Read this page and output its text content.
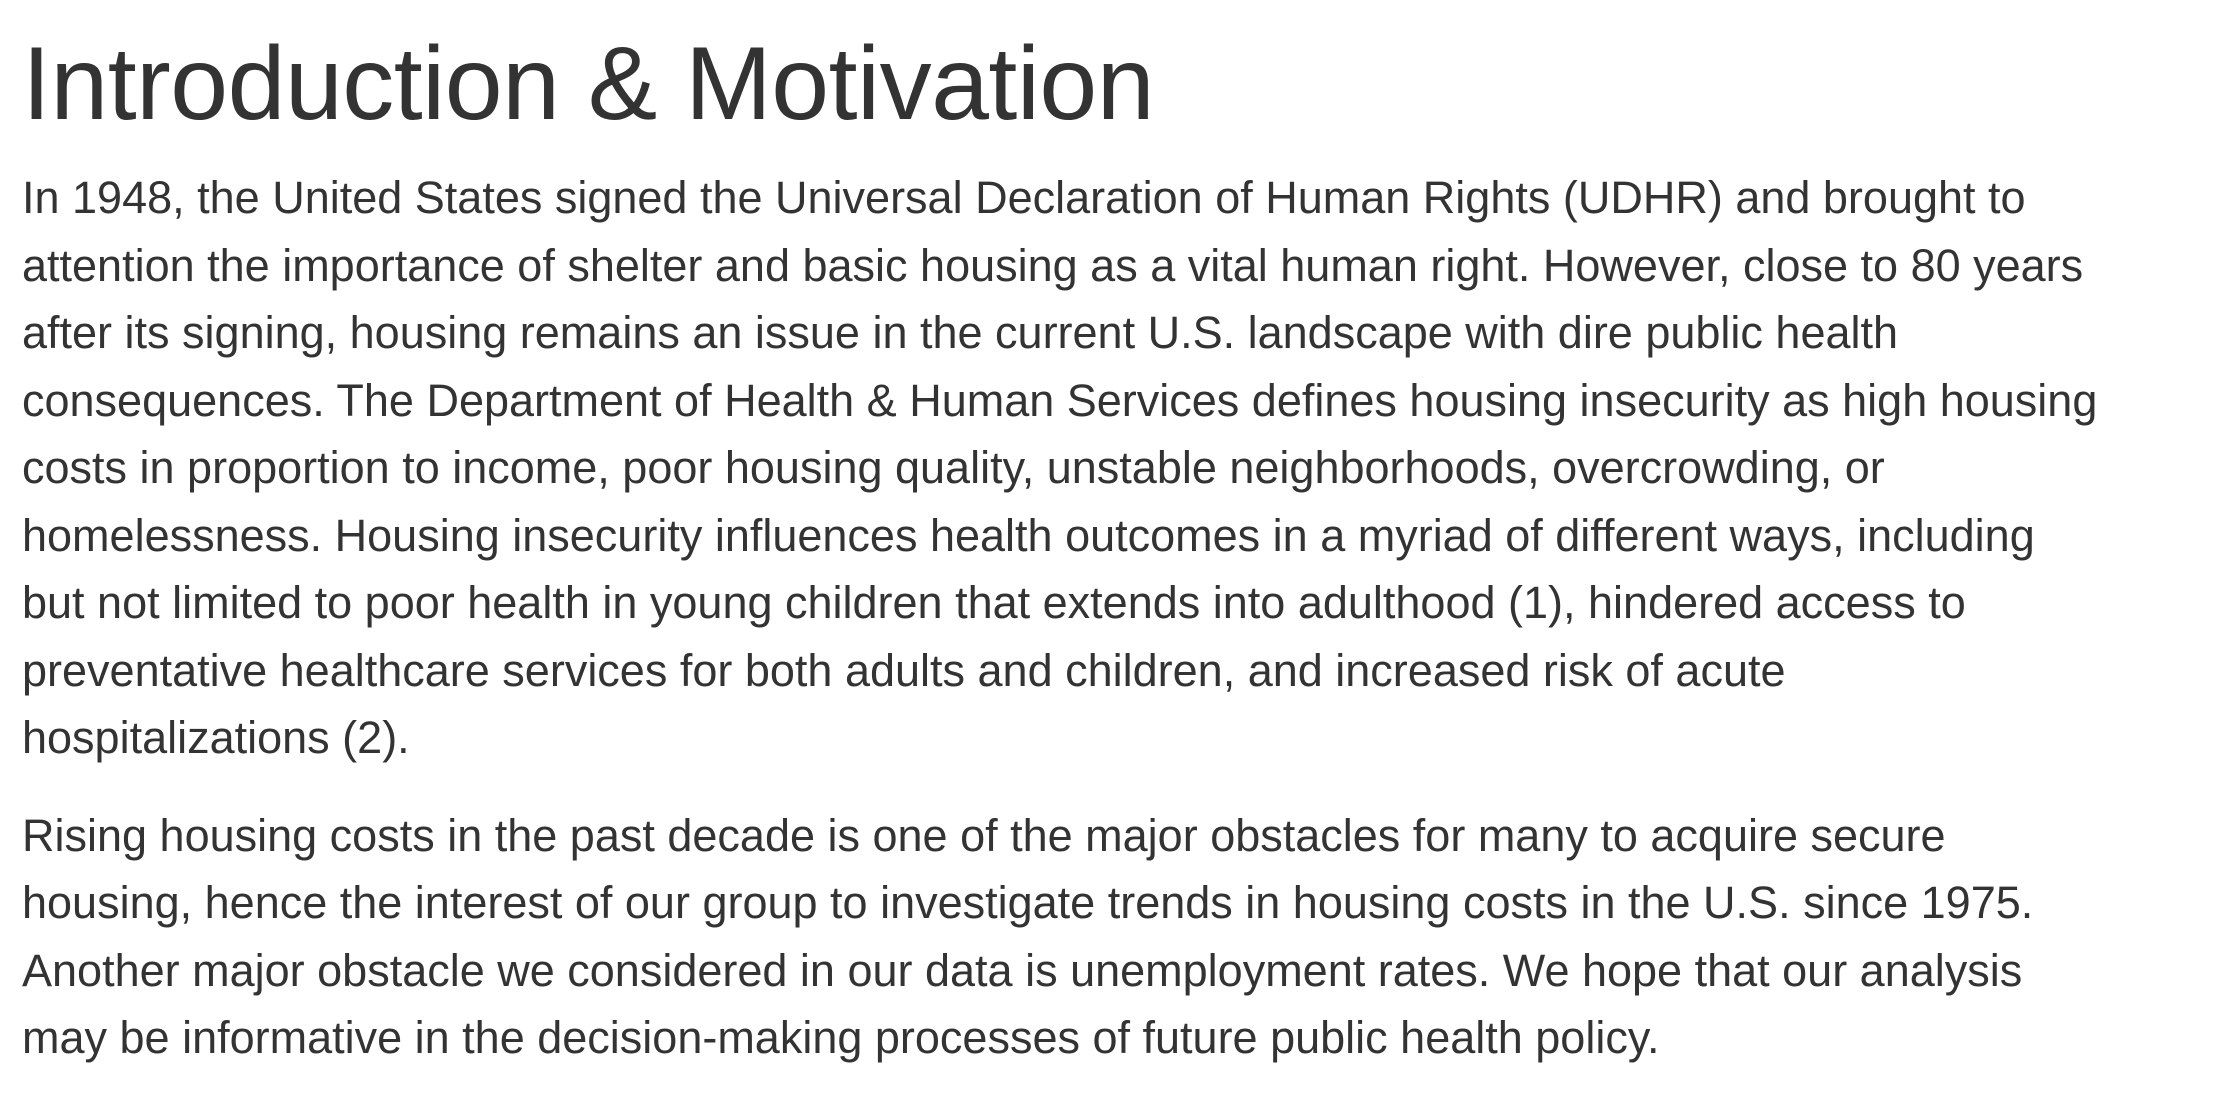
Introduction & Motivation

In 1948, the United States signed the Universal Declaration of Human Rights (UDHR) and brought to
attention the importance of shelter and basic housing as a vital human right. However, close to 80 years
after its signing, housing remains an issue in the current U.S. landscape with dire public health
consequences. The Department of Health & Human Services defines housing insecurity as high housing
costs in proportion to income, poor housing quality, unstable neighborhoods, overcrowding, or
homelessness. Housing insecurity influences health outcomes in a myriad of different ways, including
but not limited to poor health in young children that extends into adulthood (1), hindered access to
preventative healthcare services for both adults and children, and increased risk of acute
hospitalizations (2).

Rising housing costs in the past decade is one of the major obstacles for many to acquire secure
housing, hence the interest of our group to investigate trends in housing costs in the U.S. since 1975.
Another major obstacle we considered in our data is unemployment rates. We hope that our analysis
may be informative in the decision-making processes of future public health policy.
